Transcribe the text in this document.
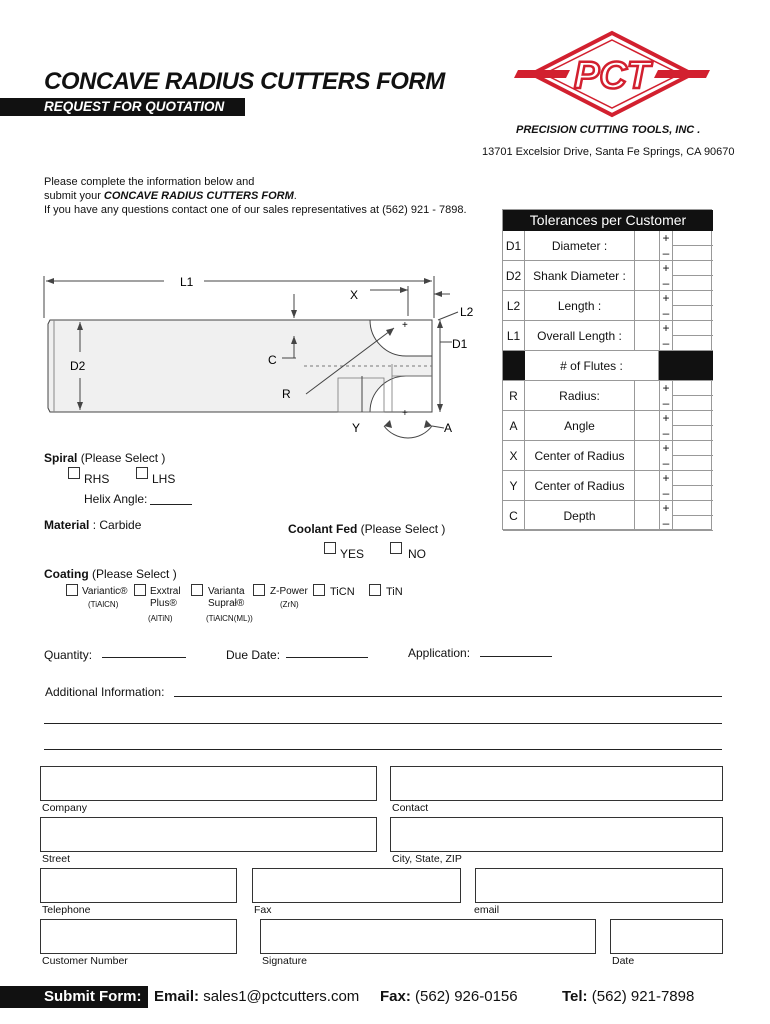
CONCAVE RADIUS CUTTERS FORM
REQUEST FOR QUOTATION
PCT
PRECISION CUTTING TOOLS, INC .
13701 Excelsior Drive, Santa Fe Springs, CA 90670
Please complete the information below and
submit your CONCAVE RADIUS CUTTERS FORM.
If you have any questions contact one of our sales representatives at (562) 921 - 7898.
L1
X
L2
+
+
C
D1
D2
R
Y	A
Tolerances per Customer
D1	Diameter :
+
–
D2 Shank Diameter :
+
–
L2	Length :
+
–
L1	Overall Length :
+
–
# of Flutes :
R	Radius:
+
–
A	Angle
+
–
X	Center of Radius
+
–
Y	Center of Radius
+
–
C	Depth
+
–
Spiral (Please Select )
RHS	LHS
Helix Angle:
Material : Carbide	Coolant Fed (Please Select )
YES	NO
Coating (Please Select )
Variantic®
(TiAlCN)
Exxtral
Plus®
(AlTiN)
Varianta
Suprał®
(TiAlCN(ML))
Z-Power
(ZrN)
TiCN	TiN
Quantity:	Due Date:	Application:
Additional Information:
Company	Contact
Street	City, State, ZIP
Telephone	Fax	email
Customer Number	Signature	Date
Submit Form: Email: sales1@pctcutters.com Fax: (562) 926-0156	Tel: (562) 921-7898
